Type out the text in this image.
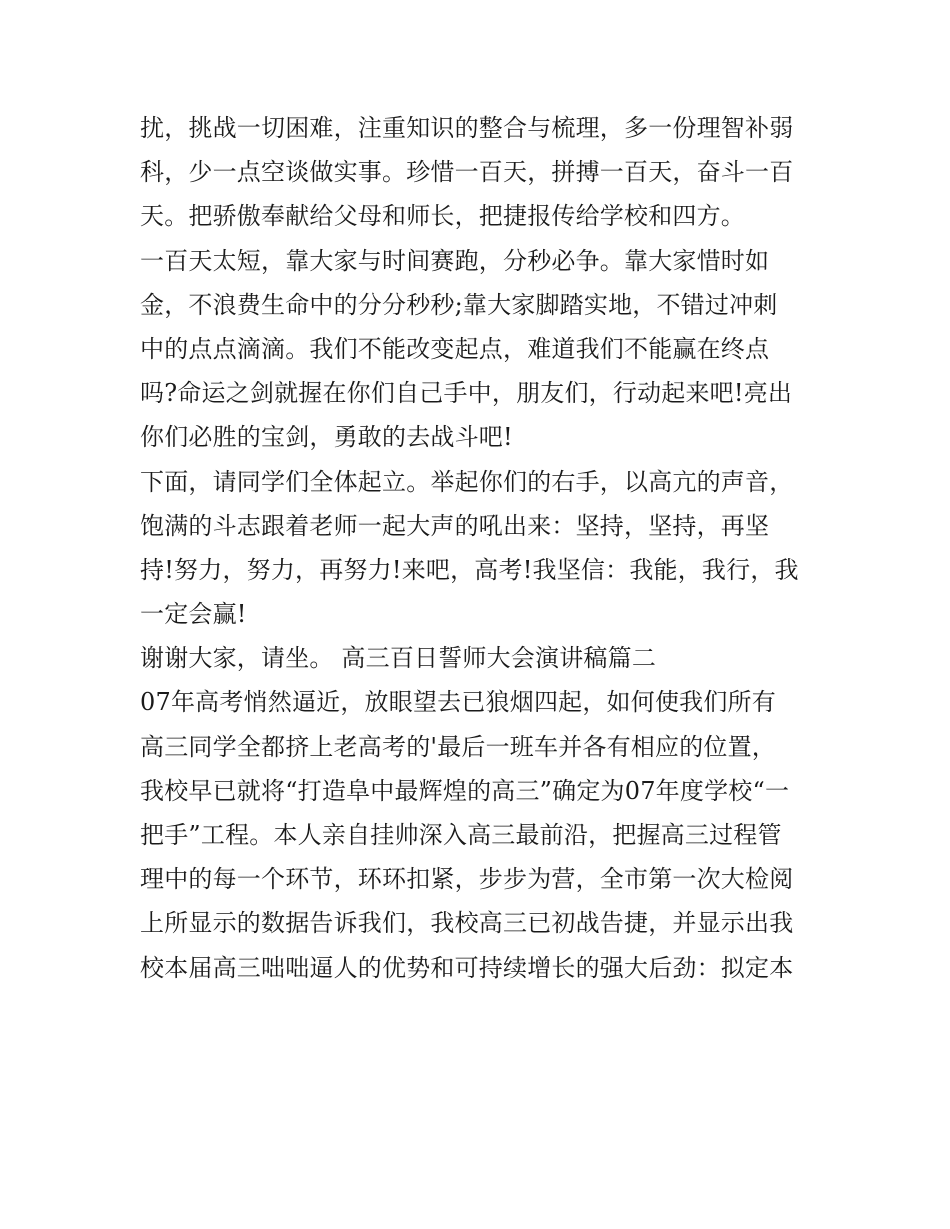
扰，挑战一切困难，注重知识的整合与梳理，多一份理智补弱
科，少一点空谈做实事。珍惜一百天，拼搏一百天，奋斗一百
天。把骄傲奉献给父母和师长，把捷报传给学校和四方。
一百天太短，靠大家与时间赛跑，分秒必争。靠大家惜时如
金，不浪费生命中的分分秒秒;靠大家脚踏实地，不错过冲刺
中的点点滴滴。我们不能改变起点，难道我们不能赢在终点
吗?命运之剑就握在你们自己手中，朋友们，行动起来吧!亮出
你们必胜的宝剑，勇敢的去战斗吧!
下面，请同学们全体起立。举起你们的右手，以高亢的声音，
饱满的斗志跟着老师一起大声的吼出来：坚持，坚持，再坚
持!努力，努力，再努力!来吧，高考!我坚信：我能，我行，我
一定会赢!
谢谢大家，请坐。 高三百日誓师大会演讲稿篇二
07年高考悄然逼近，放眼望去已狼烟四起，如何使我们所有
高三同学全都挤上老高考的'最后一班车并各有相应的位置，
我校早已就将“打造阜中最辉煌的高三”确定为07年度学校“一
把手”工程。本人亲自挂帅深入高三最前沿，把握高三过程管
理中的每一个环节，环环扣紧，步步为营，全市第一次大检阅
上所显示的数据告诉我们，我校高三已初战告捷，并显示出我
校本届高三咄咄逼人的优势和可持续增长的强大后劲：拟定本
